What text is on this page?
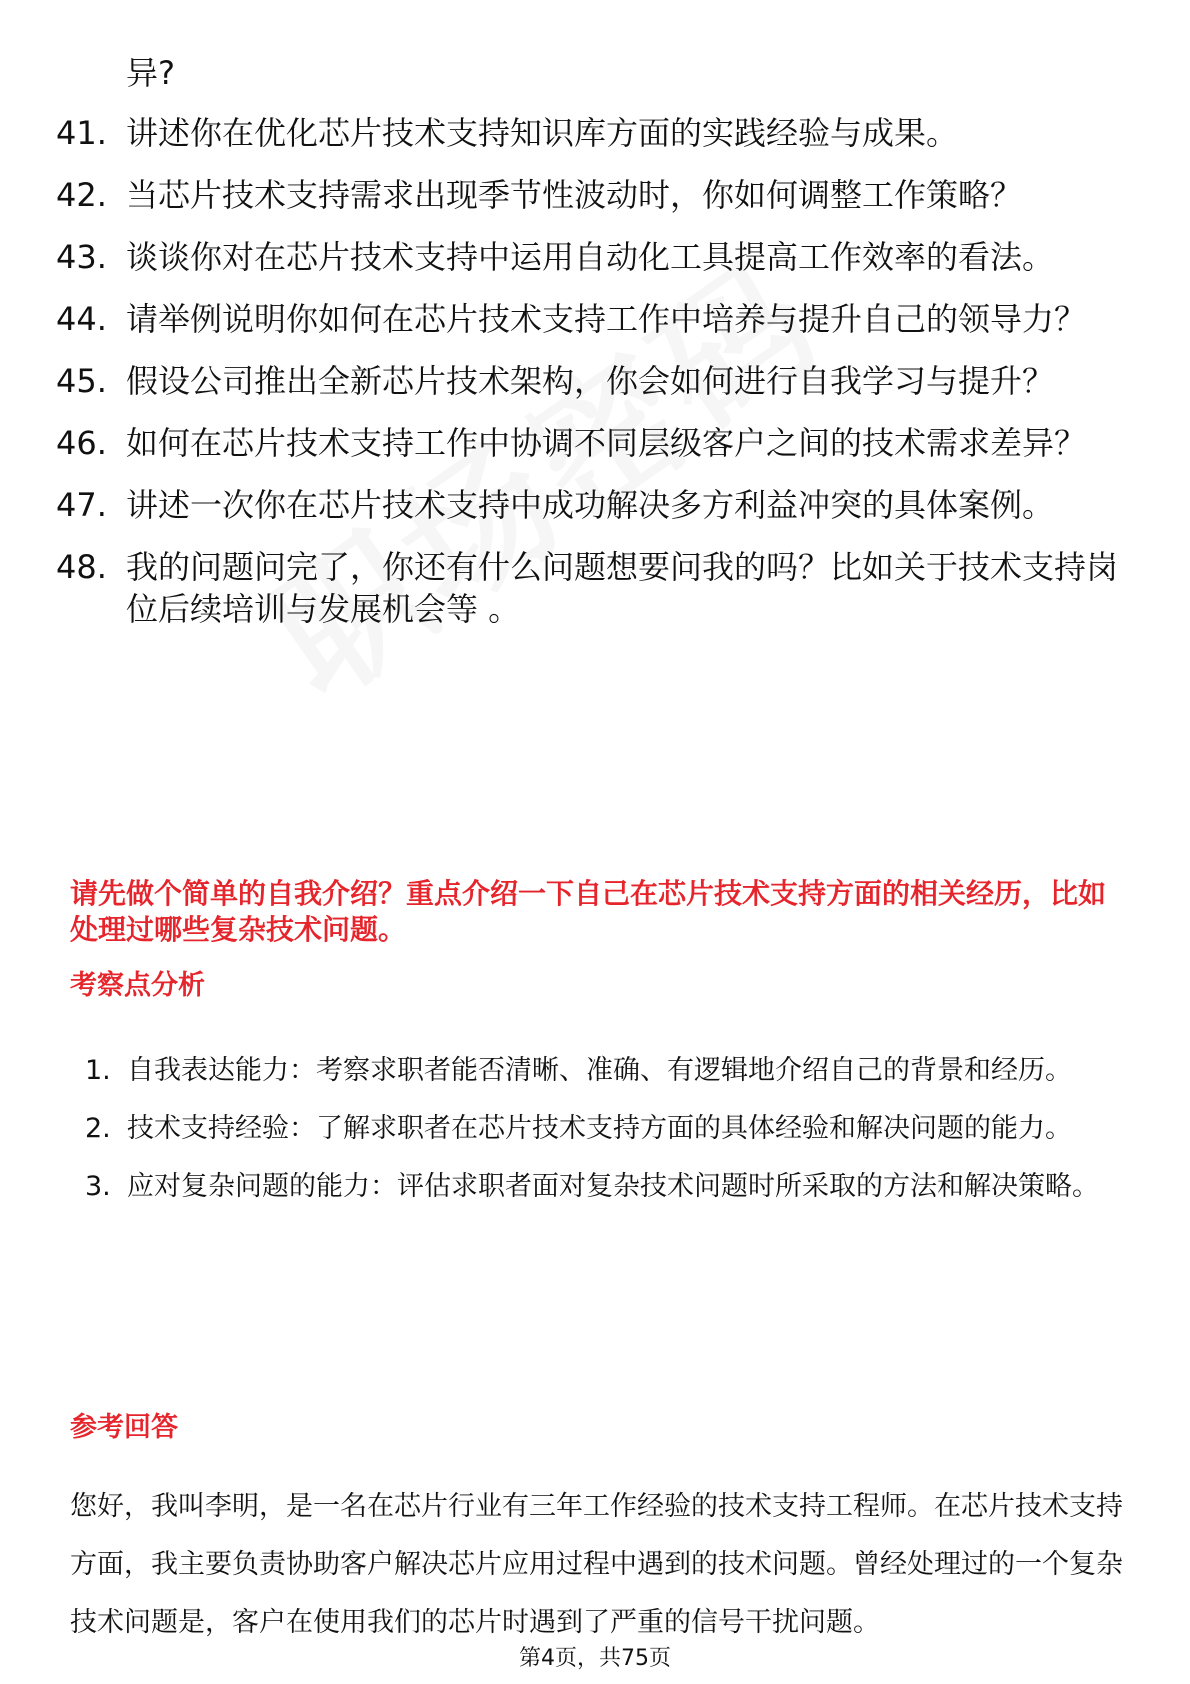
异?

41. 讲述你在优化芯片技术支持知识库方面的实践经验与成果。
42. 当芯片技术支持需求出现季节性波动时，你如何调整工作策略？
43. 谈谈你对在芯片技术支持中运用自动化工具提高工作效率的看法。
44. 请举例说明你如何在芯片技术支持工作中培养与提升自己的领导力？
45. 假设公司推出全新芯片技术架构，你会如何进行自我学习与提升？
46. 如何在芯片技术支持工作中协调不同层级客户之间的技术需求差异？
47. 讲述一次你在芯片技术支持中成功解决多方利益冲突的具体案例。
48. 我的问题问完了，你还有什么问题想要问我的吗？比如关于技术支持岗位后续培训与发展机会等 。

请先做个简单的自我介绍？重点介绍一下自己在芯片技术支持方面的相关经历，比如处理过哪些复杂技术问题。

考察点分析
1. 自我表达能力：考察求职者能否清晰、准确、有逻辑地介绍自己的背景和经历。
2. 技术支持经验：了解求职者在芯片技术支持方面的具体经验和解决问题的能力。
3. 应对复杂问题的能力：评估求职者面对复杂技术问题时所采取的方法和解决策略。
参考回答

您好，我叫李明，是一名在芯片行业有三年工作经验的技术支持工程师。在芯片技术支持方面，我主要负责协助客户解决芯片应用过程中遇到的技术问题。曾经处理过的一个复杂技术问题是，客户在使用我们的芯片时遇到了严重的信号干扰问题。

第4页，共75页
